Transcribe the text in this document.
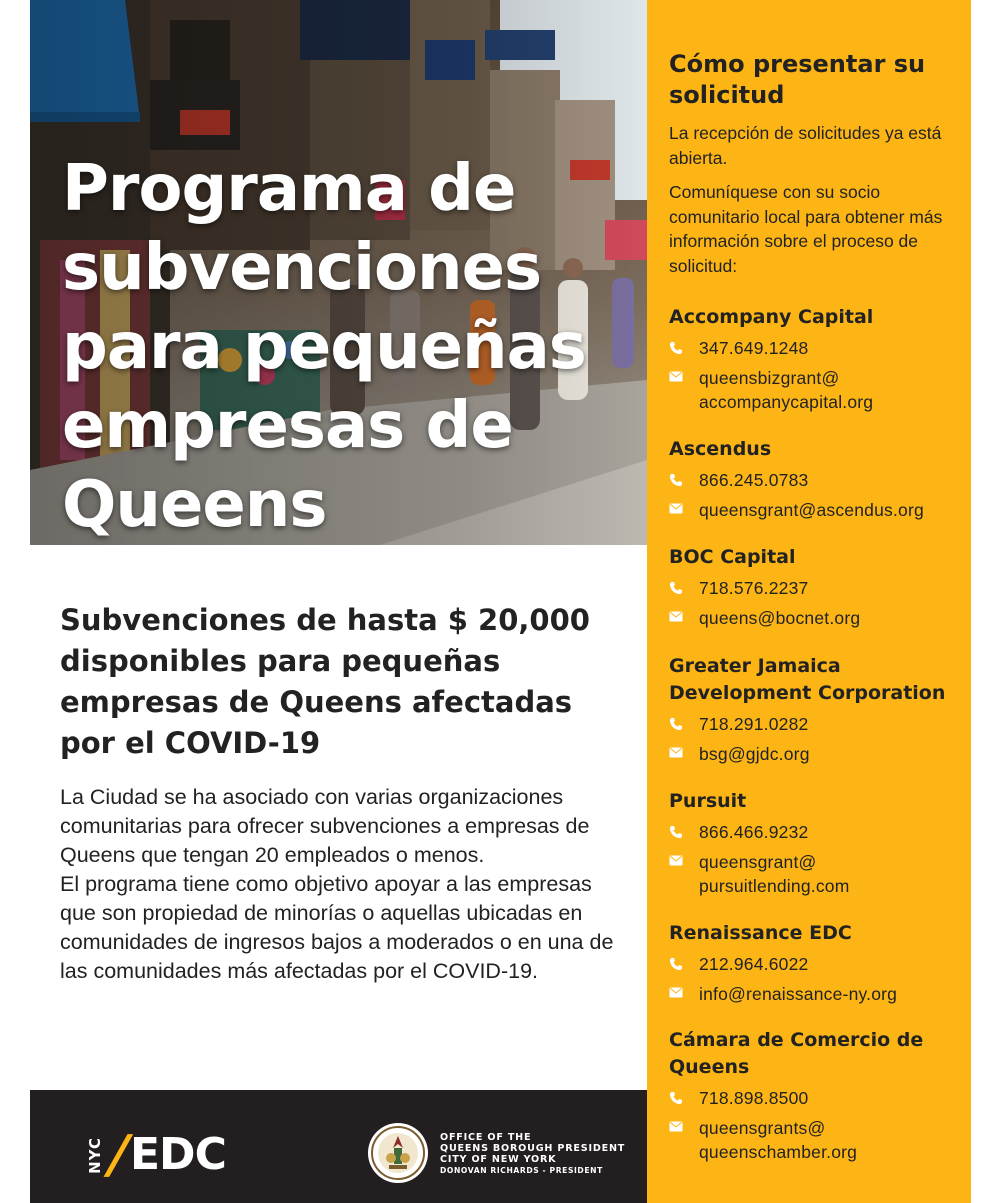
Programa de subvenciones para pequeñas empresas de Queens
Subvenciones de hasta $ 20,000 disponibles para pequeñas empresas de Queens afectadas por el COVID-19

La Ciudad se ha asociado con varias organizaciones comunitarias para ofrecer subvenciones a empresas de Queens que tengan 20 empleados o menos.

El programa tiene como objetivo apoyar a las empresas que son propiedad de minorías o aquellas ubicadas en comunidades de ingresos bajos a moderados o en una de las comunidades más afectadas por el COVID-19.

NYC
/
EDC	OFFICE OF THE
QUEENS BOROUGH PRESIDENT
CITY OF NEW YORK
DONOVAN RICHARDS - PRESIDENT
Cómo presentar su solicitud

La recepción de solicitudes ya está abierta.

Comuníquese con su socio comunitario local para obtener más información sobre el proceso de solicitud:

Accompany Capital
347.649.1248
queensbizgrant@
accompanycapital.org
Ascendus
866.245.0783
queensgrant@ascendus.org
BOC Capital
718.576.2237
queens@bocnet.org
Greater Jamaica Development Corporation
718.291.0282
bsg@gjdc.org
Pursuit
866.466.9232
queensgrant@
pursuitlending.com
Renaissance EDC
212.964.6022
info@renaissance-ny.org
Cámara de Comercio de Queens
718.898.8500
queensgrants@
queenschamber.org
